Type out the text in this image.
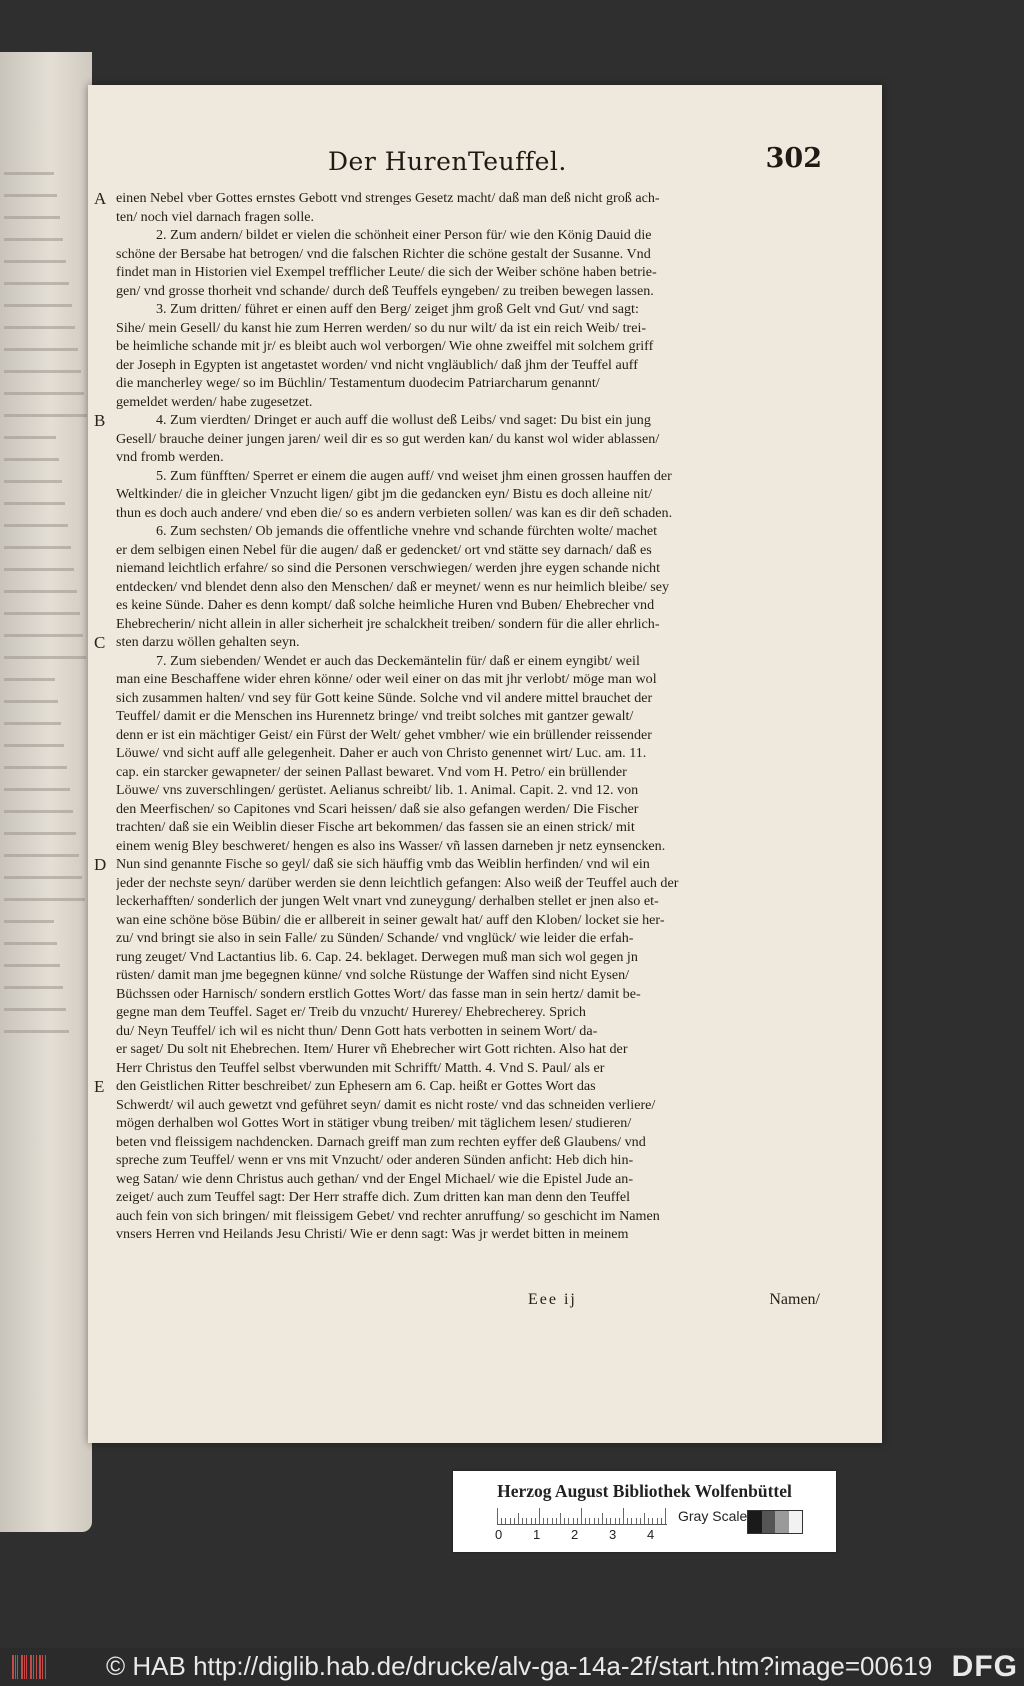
Der HurenTeuffel.	302
A
B
C
D
E
einen Nebel vber Gottes ernstes Gebott vnd strenges Gesetz macht/ daß man deß nicht groß ach-
ten/ noch viel darnach fragen solle.
2. Zum andern/ bildet er vielen die schönheit einer Person für/ wie den König Dauid die
schöne der Bersabe hat betrogen/ vnd die falschen Richter die schöne gestalt der Susanne. Vnd
findet man in Historien viel Exempel trefflicher Leute/ die sich der Weiber schöne haben betrie-
gen/ vnd grosse thorheit vnd schande/ durch deß Teuffels eyngeben/ zu treiben bewegen lassen.
3. Zum dritten/ führet er einen auff den Berg/ zeiget jhm groß Gelt vnd Gut/ vnd sagt:
Sihe/ mein Gesell/ du kanst hie zum Herren werden/ so du nur wilt/ da ist ein reich Weib/ trei-
be heimliche schande mit jr/ es bleibt auch wol verborgen/ Wie ohne zweiffel mit solchem griff
der Joseph in Egypten ist angetastet worden/ vnd nicht vngläublich/ daß jhm der Teuffel auff
die mancherley wege/ so im Büchlin/ Testamentum duodecim Patriarcharum genannt/
gemeldet werden/ habe zugesetzet.
4. Zum vierdten/ Dringet er auch auff die wollust deß Leibs/ vnd saget: Du bist ein jung
Gesell/ brauche deiner jungen jaren/ weil dir es so gut werden kan/ du kanst wol wider ablassen/
vnd fromb werden.
5. Zum fünfften/ Sperret er einem die augen auff/ vnd weiset jhm einen grossen hauffen der
Weltkinder/ die in gleicher Vnzucht ligen/ gibt jm die gedancken eyn/ Bistu es doch alleine nit/
thun es doch auch andere/ vnd eben die/ so es andern verbieten sollen/ was kan es dir deñ schaden.
6. Zum sechsten/ Ob jemands die offentliche vnehre vnd schande fürchten wolte/ machet
er dem selbigen einen Nebel für die augen/ daß er gedencket/ ort vnd stätte sey darnach/ daß es
niemand leichtlich erfahre/ so sind die Personen verschwiegen/ werden jhre eygen schande nicht
entdecken/ vnd blendet denn also den Menschen/ daß er meynet/ wenn es nur heimlich bleibe/ sey
es keine Sünde. Daher es denn kompt/ daß solche heimliche Huren vnd Buben/ Ehebrecher vnd
Ehebrecherin/ nicht allein in aller sicherheit jre schalckheit treiben/ sondern für die aller ehrlich-
sten darzu wöllen gehalten seyn.
7. Zum siebenden/ Wendet er auch das Deckemäntelin für/ daß er einem eyngibt/ weil
man eine Beschaffene wider ehren könne/ oder weil einer on das mit jhr verlobt/ möge man wol
sich zusammen halten/ vnd sey für Gott keine Sünde. Solche vnd vil andere mittel brauchet der
Teuffel/ damit er die Menschen ins Hurennetz bringe/ vnd treibt solches mit gantzer gewalt/
denn er ist ein mächtiger Geist/ ein Fürst der Welt/ gehet vmbher/ wie ein brüllender reissender
Löuwe/ vnd sicht auff alle gelegenheit. Daher er auch von Christo genennet wirt/ Luc. am. 11.
cap. ein starcker gewapneter/ der seinen Pallast bewaret. Vnd vom H. Petro/ ein brüllender
Löuwe/ vns zuverschlingen/ gerüstet. Aelianus schreibt/ lib. 1. Animal. Capit. 2. vnd 12. von
den Meerfischen/ so Capitones vnd Scari heissen/ daß sie also gefangen werden/ Die Fischer
trachten/ daß sie ein Weiblin dieser Fische art bekommen/ das fassen sie an einen strick/ mit
einem wenig Bley beschweret/ hengen es also ins Wasser/ vñ lassen darneben jr netz eynsencken.
Nun sind genannte Fische so geyl/ daß sie sich häuffig vmb das Weiblin herfinden/ vnd wil ein
jeder der nechste seyn/ darüber werden sie denn leichtlich gefangen: Also weiß der Teuffel auch der
leckerhafften/ sonderlich der jungen Welt vnart vnd zuneygung/ derhalben stellet er jnen also et-
wan eine schöne böse Bübin/ die er allbereit in seiner gewalt hat/ auff den Kloben/ locket sie her-
zu/ vnd bringt sie also in sein Falle/ zu Sünden/ Schande/ vnd vnglück/ wie leider die erfah-
rung zeuget/ Vnd Lactantius lib. 6. Cap. 24. beklaget. Derwegen muß man sich wol gegen jn
rüsten/ damit man jme begegnen künne/ vnd solche Rüstunge der Waffen sind nicht Eysen/
Büchssen oder Harnisch/ sondern erstlich Gottes Wort/ das fasse man in sein hertz/ damit be-
gegne man dem Teuffel. Saget er/ Treib du vnzucht/ Hurerey/ Ehebrecherey. Sprich
du/ Neyn Teuffel/ ich wil es nicht thun/ Denn Gott hats verbotten in seinem Wort/ da-
er saget/ Du solt nit Ehebrechen. Item/ Hurer vñ Ehebrecher wirt Gott richten. Also hat der
Herr Christus den Teuffel selbst vberwunden mit Schrifft/ Matth. 4. Vnd S. Paul/ als er
den Geistlichen Ritter beschreibet/ zun Ephesern am 6. Cap. heißt er Gottes Wort das
Schwerdt/ wil auch gewetzt vnd geführet seyn/ damit es nicht roste/ vnd das schneiden verliere/
mögen derhalben wol Gottes Wort in stätiger vbung treiben/ mit täglichem lesen/ studieren/
beten vnd fleissigem nachdencken. Darnach greiff man zum rechten eyffer deß Glaubens/ vnd
spreche zum Teuffel/ wenn er vns mit Vnzucht/ oder anderen Sünden anficht: Heb dich hin-
weg Satan/ wie denn Christus auch gethan/ vnd der Engel Michael/ wie die Epistel Jude an-
zeiget/ auch zum Teuffel sagt: Der Herr straffe dich. Zum dritten kan man denn den Teuffel
auch fein von sich bringen/ mit fleissigem Gebet/ vnd rechter anruffung/ so geschicht im Namen
vnsers Herren vnd Heilands Jesu Christi/ Wie er denn sagt: Was jr werdet bitten in meinem
Eee ij	Namen/
Herzog August Bibliothek Wolfenbüttel
0 1 2 3 4
Gray Scale
© HAB http://diglib.hab.de/drucke/alv-ga-14a-2f/start.htm?image=00619 DFG
